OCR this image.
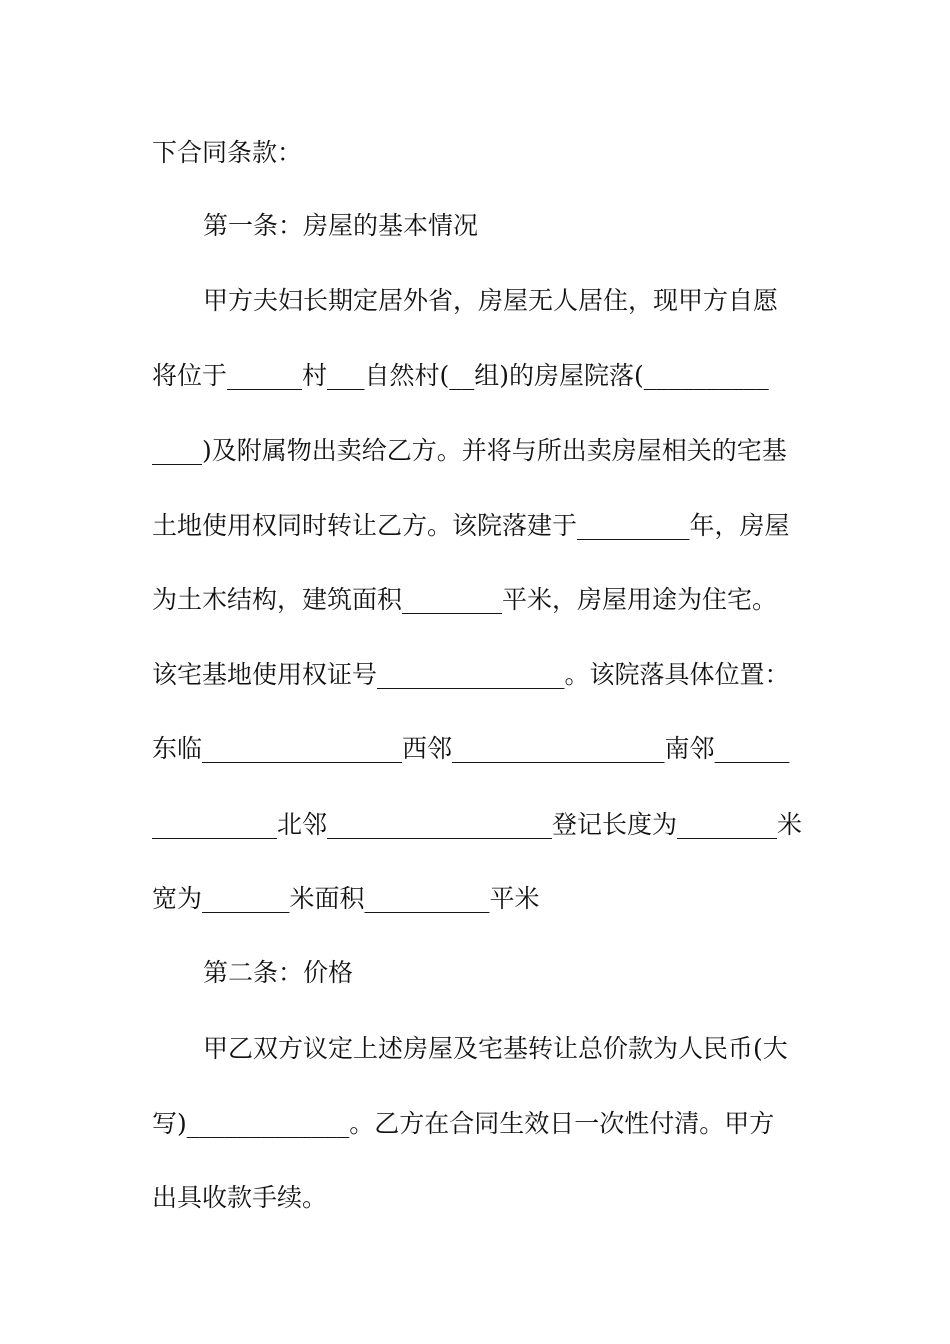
下合同条款：
第一条：房屋的基本情况
甲方夫妇长期定居外省，房屋无人居住，现甲方自愿
将位于______村___自然村(__组)的房屋院落(__________
____)及附属物出卖给乙方。并将与所出卖房屋相关的宅基
土地使用权同时转让乙方。该院落建于_________年，房屋
为土木结构，建筑面积________平米，房屋用途为住宅。
该宅基地使用权证号_______________。该院落具体位置：
东临________________西邻_________________南邻______
__________北邻__________________登记长度为________米
宽为_______米面积__________平米
第二条：价格
甲乙双方议定上述房屋及宅基转让总价款为人民币(大
写)_____________。乙方在合同生效日一次性付清。甲方
出具收款手续。
